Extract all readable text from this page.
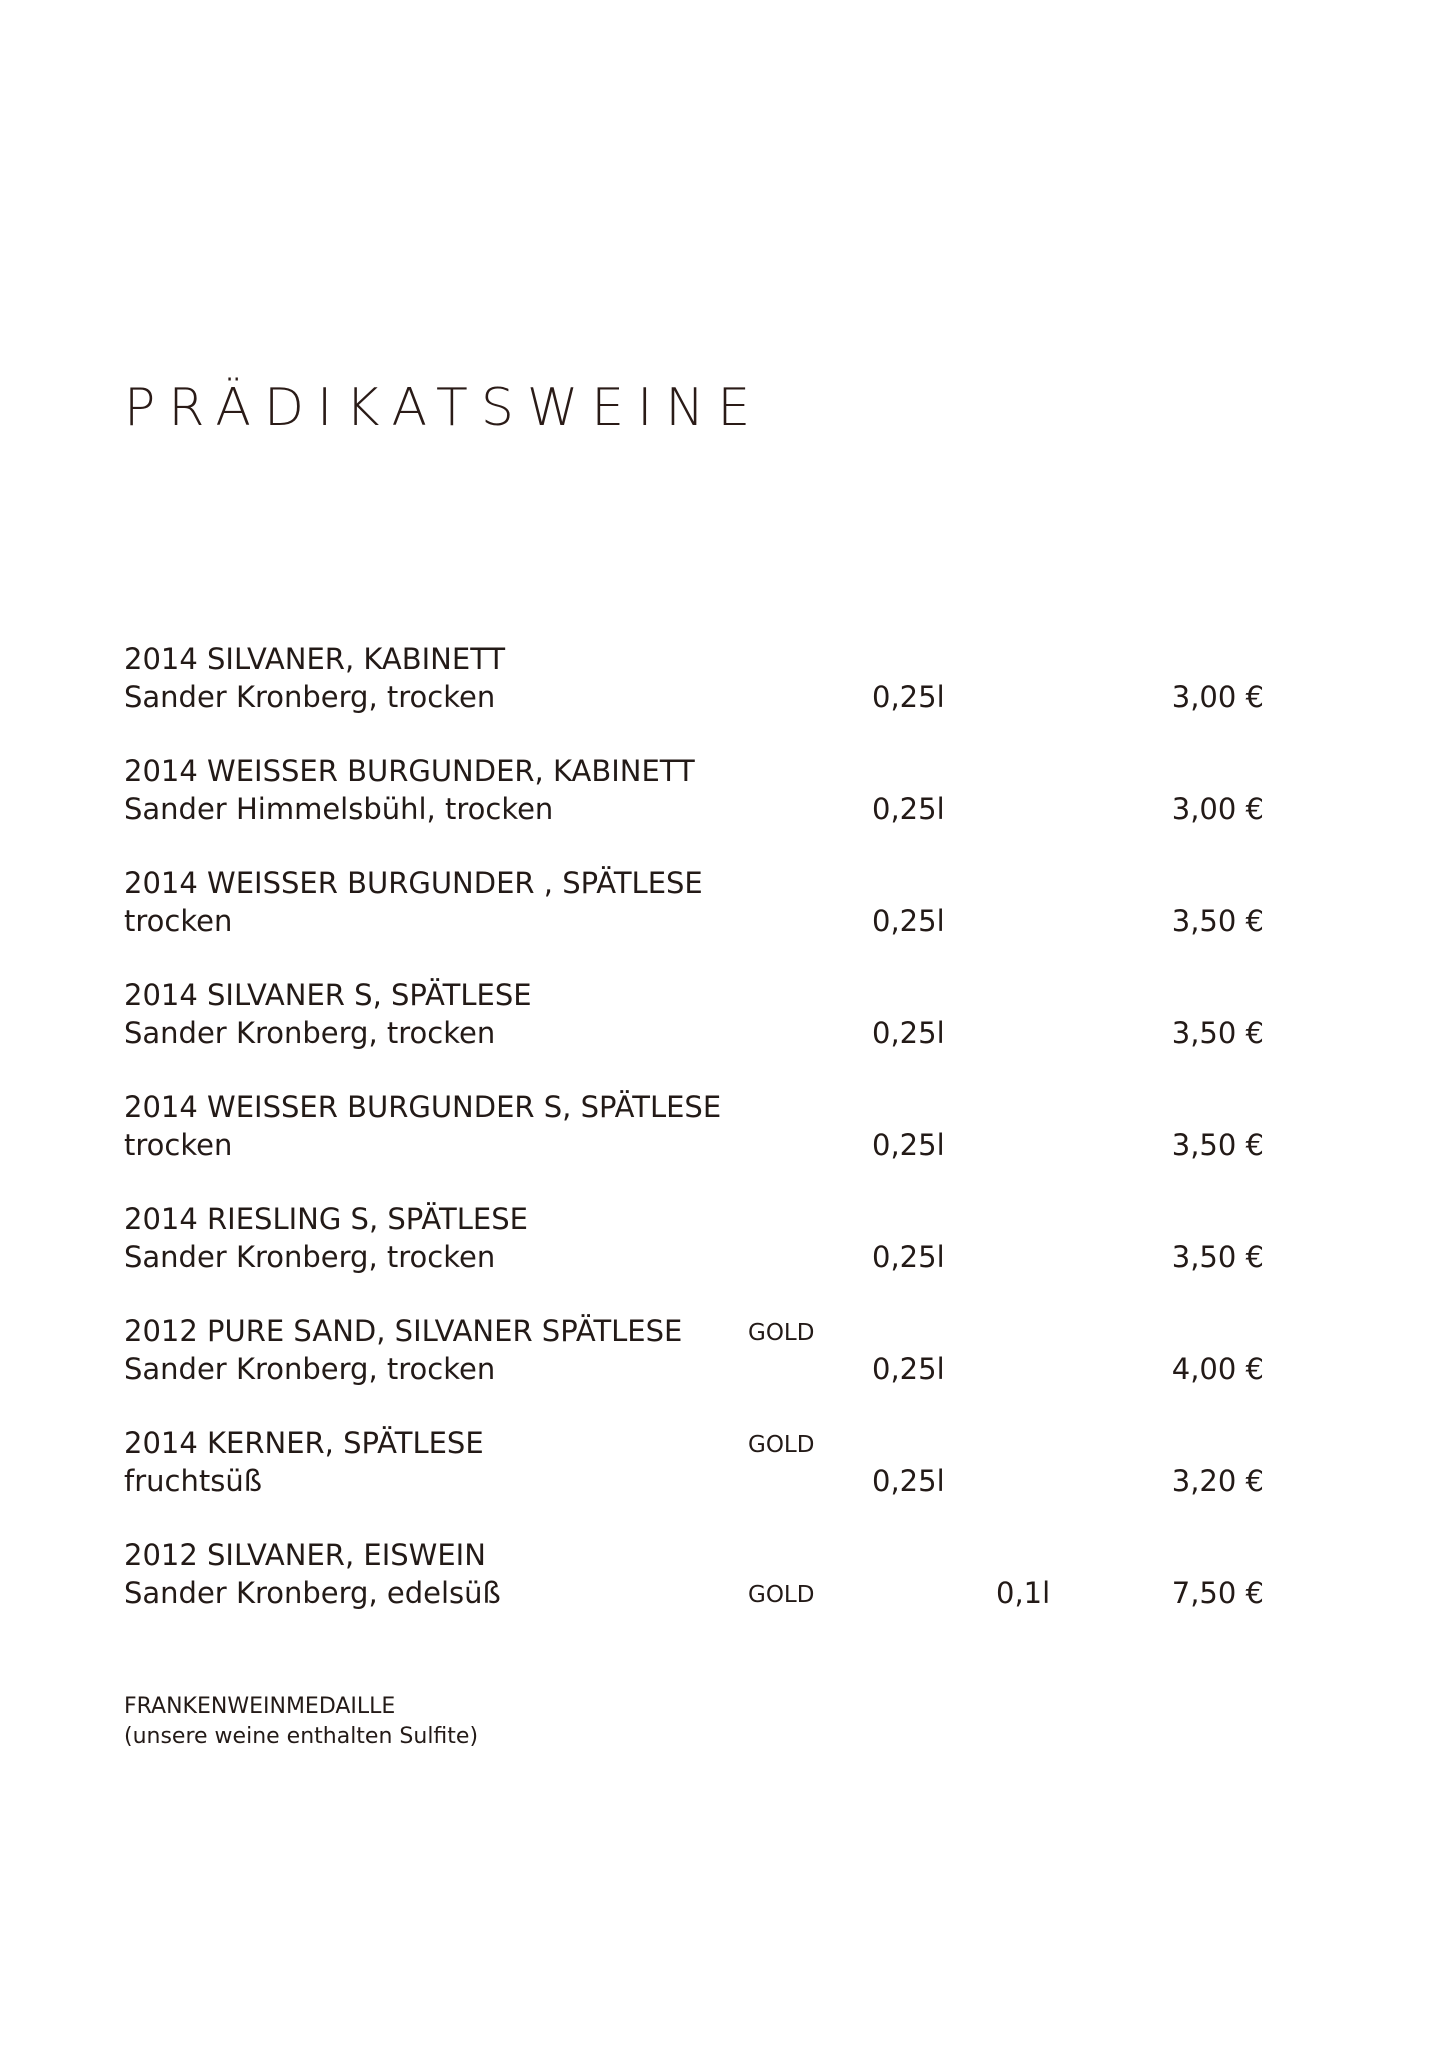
PRÄDIKATSWEINE
2014 SILVANER, KABINETT
Sander Kronberg, trocken	0,25l	3,00 €
2014 WEISSER BURGUNDER, KABINETT
Sander Himmelsbühl, trocken	0,25l	3,00 €
2014 WEISSER BURGUNDER , SPÄTLESE
trocken	0,25l	3,50 €
2014 SILVANER S, SPÄTLESE
Sander Kronberg, trocken	0,25l	3,50 €
2014 WEISSER BURGUNDER S, SPÄTLESE
trocken	0,25l	3,50 €
2014 RIESLING S, SPÄTLESE
Sander Kronberg, trocken	0,25l	3,50 €
2012 PURE SAND, SILVANER SPÄTLESE	GOLD
Sander Kronberg, trocken	0,25l	4,00 €
2014 KERNER, SPÄTLESE	GOLD
fruchtsüß	0,25l	3,20 €
2012 SILVANER, EISWEIN
Sander Kronberg, edelsüß	GOLD	0,1l	7,50 €
FRANKENWEINMEDAILLE
(unsere weine enthalten Sulfite)
